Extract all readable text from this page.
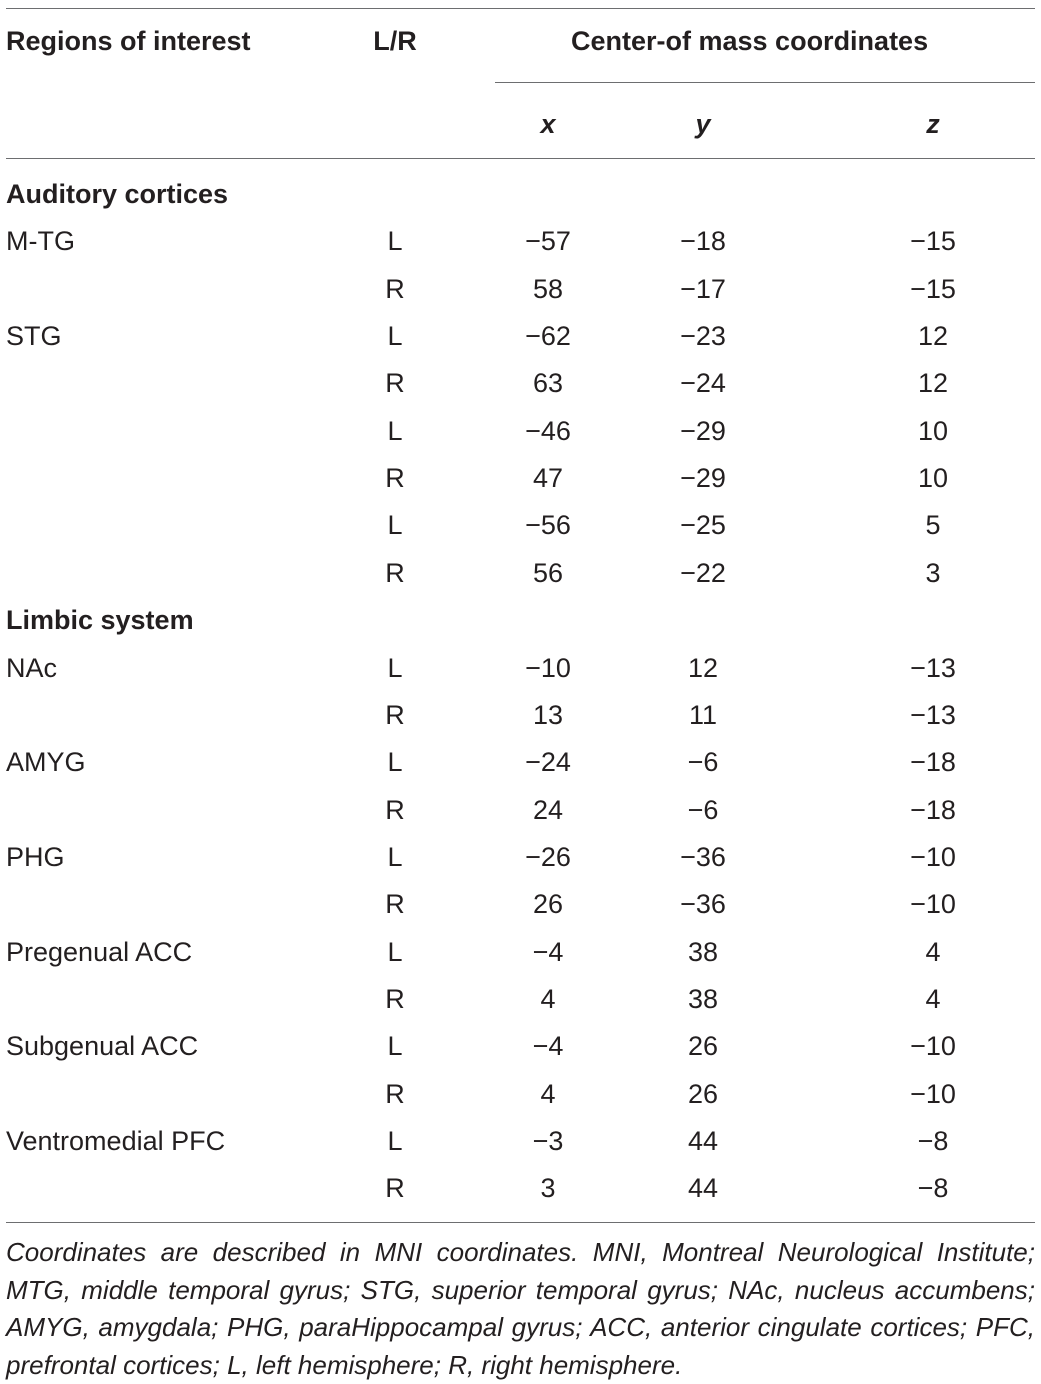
Regions of interest	L/R	Center-of mass coordinates
x	y	z
Auditory cortices
M-TG	L	−57	−18	−15
R	58	−17	−15
STG	L	−62	−23	12
R	63	−24	12
L	−46	−29	10
R	47	−29	10
L	−56	−25	5
R	56	−22	3
Limbic system
NAc	L	−10	12	−13
R	13	11	−13
AMYG	L	−24	−6	−18
R	24	−6	−18
PHG	L	−26	−36	−10
R	26	−36	−10
Pregenual ACC	L	−4	38	4
R	4	38	4
Subgenual ACC	L	−4	26	−10
R	4	26	−10
Ventromedial PFC	L	−3	44	−8
R	3	44	−8
Coordinates are described in MNI coordinates. MNI, Montreal Neurological Institute; MTG, middle temporal gyrus; STG, superior temporal gyrus; NAc, nucleus accumbens; AMYG, amygdala; PHG, paraHippocampal gyrus; ACC, anterior cingulate cortices; PFC, prefrontal cortices; L, left hemisphere; R, right hemisphere.
